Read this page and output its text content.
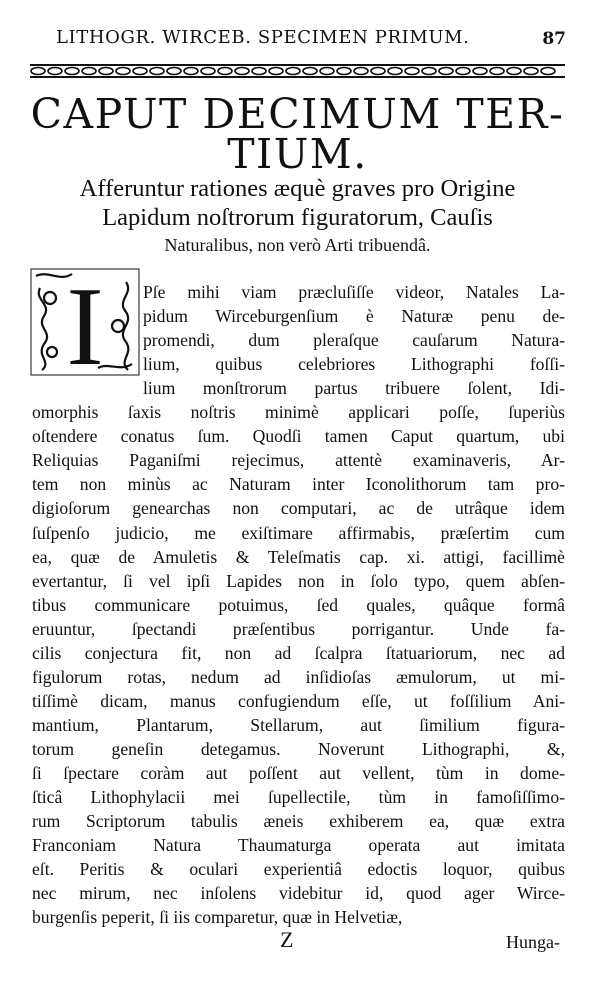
LITHOGR. WIRCEB. SPECIMEN PRIMUM.	87
CAPUT DECIMUM TER-
TIUM.
Afferuntur rationes æquè graves pro Origine
Lapidum noſtrorum figuratorum, Cauſis
Naturalibus, non verò Arti tribuendâ.
I Pſe mihi viam præcluſiſſe videor, Natales La-
pidum Wirceburgenſium è Naturæ penu de-
promendi, dum pleraſque cauſarum Natura-
lium, quibus celebriores Lithographi foſſi-
lium monſtrorum partus tribuere ſolent, Idi-
omorphis ſaxis noſtris minimè applicari poſſe, ſuperiùs
oſtendere conatus ſum. Quodſi tamen Caput quartum, ubi
Reliquias Paganiſmi rejecimus, attentè examinaveris, Ar-
tem non minùs ac Naturam inter Iconolithorum tam pro-
digioſorum genearchas non computari, ac de utrâque idem
ſuſpenſo judicio, me exiſtimare affirmabis, præſertim cum
ea, quæ de Amuletis & Teleſmatis cap. xi. attigi, facillimè
evertantur, ſi vel ipſi Lapides non in ſolo typo, quem abſen-
tibus communicare potuimus, ſed quales, quâque formâ
eruuntur, ſpectandi præſentibus porrigantur. Unde fa-
cilis conjectura fit, non ad ſcalpra ſtatuariorum, nec ad
figulorum rotas, nedum ad inſidioſas æmulorum, ut mi-
tiſſimè dicam, manus confugiendum eſſe, ut foſſilium Ani-
mantium, Plantarum, Stellarum, aut ſimilium figura-
torum geneſin detegamus. Noverunt Lithographi, &,
ſi ſpectare coràm aut poſſent aut vellent, tùm in dome-
ſticâ Lithophylacii mei ſupellectile, tùm in famoſiſſimo-
rum Scriptorum tabulis æneis exhiberem ea, quæ extra
Franconiam Natura Thaumaturga operata aut imitata
eſt. Peritis & oculari experientiâ edoctis loquor, quibus
nec mirum, nec inſolens videbitur id, quod ager Wirce-
burgenſis peperit, ſi iis comparetur, quæ in Helvetiæ,
Z	Hunga-
